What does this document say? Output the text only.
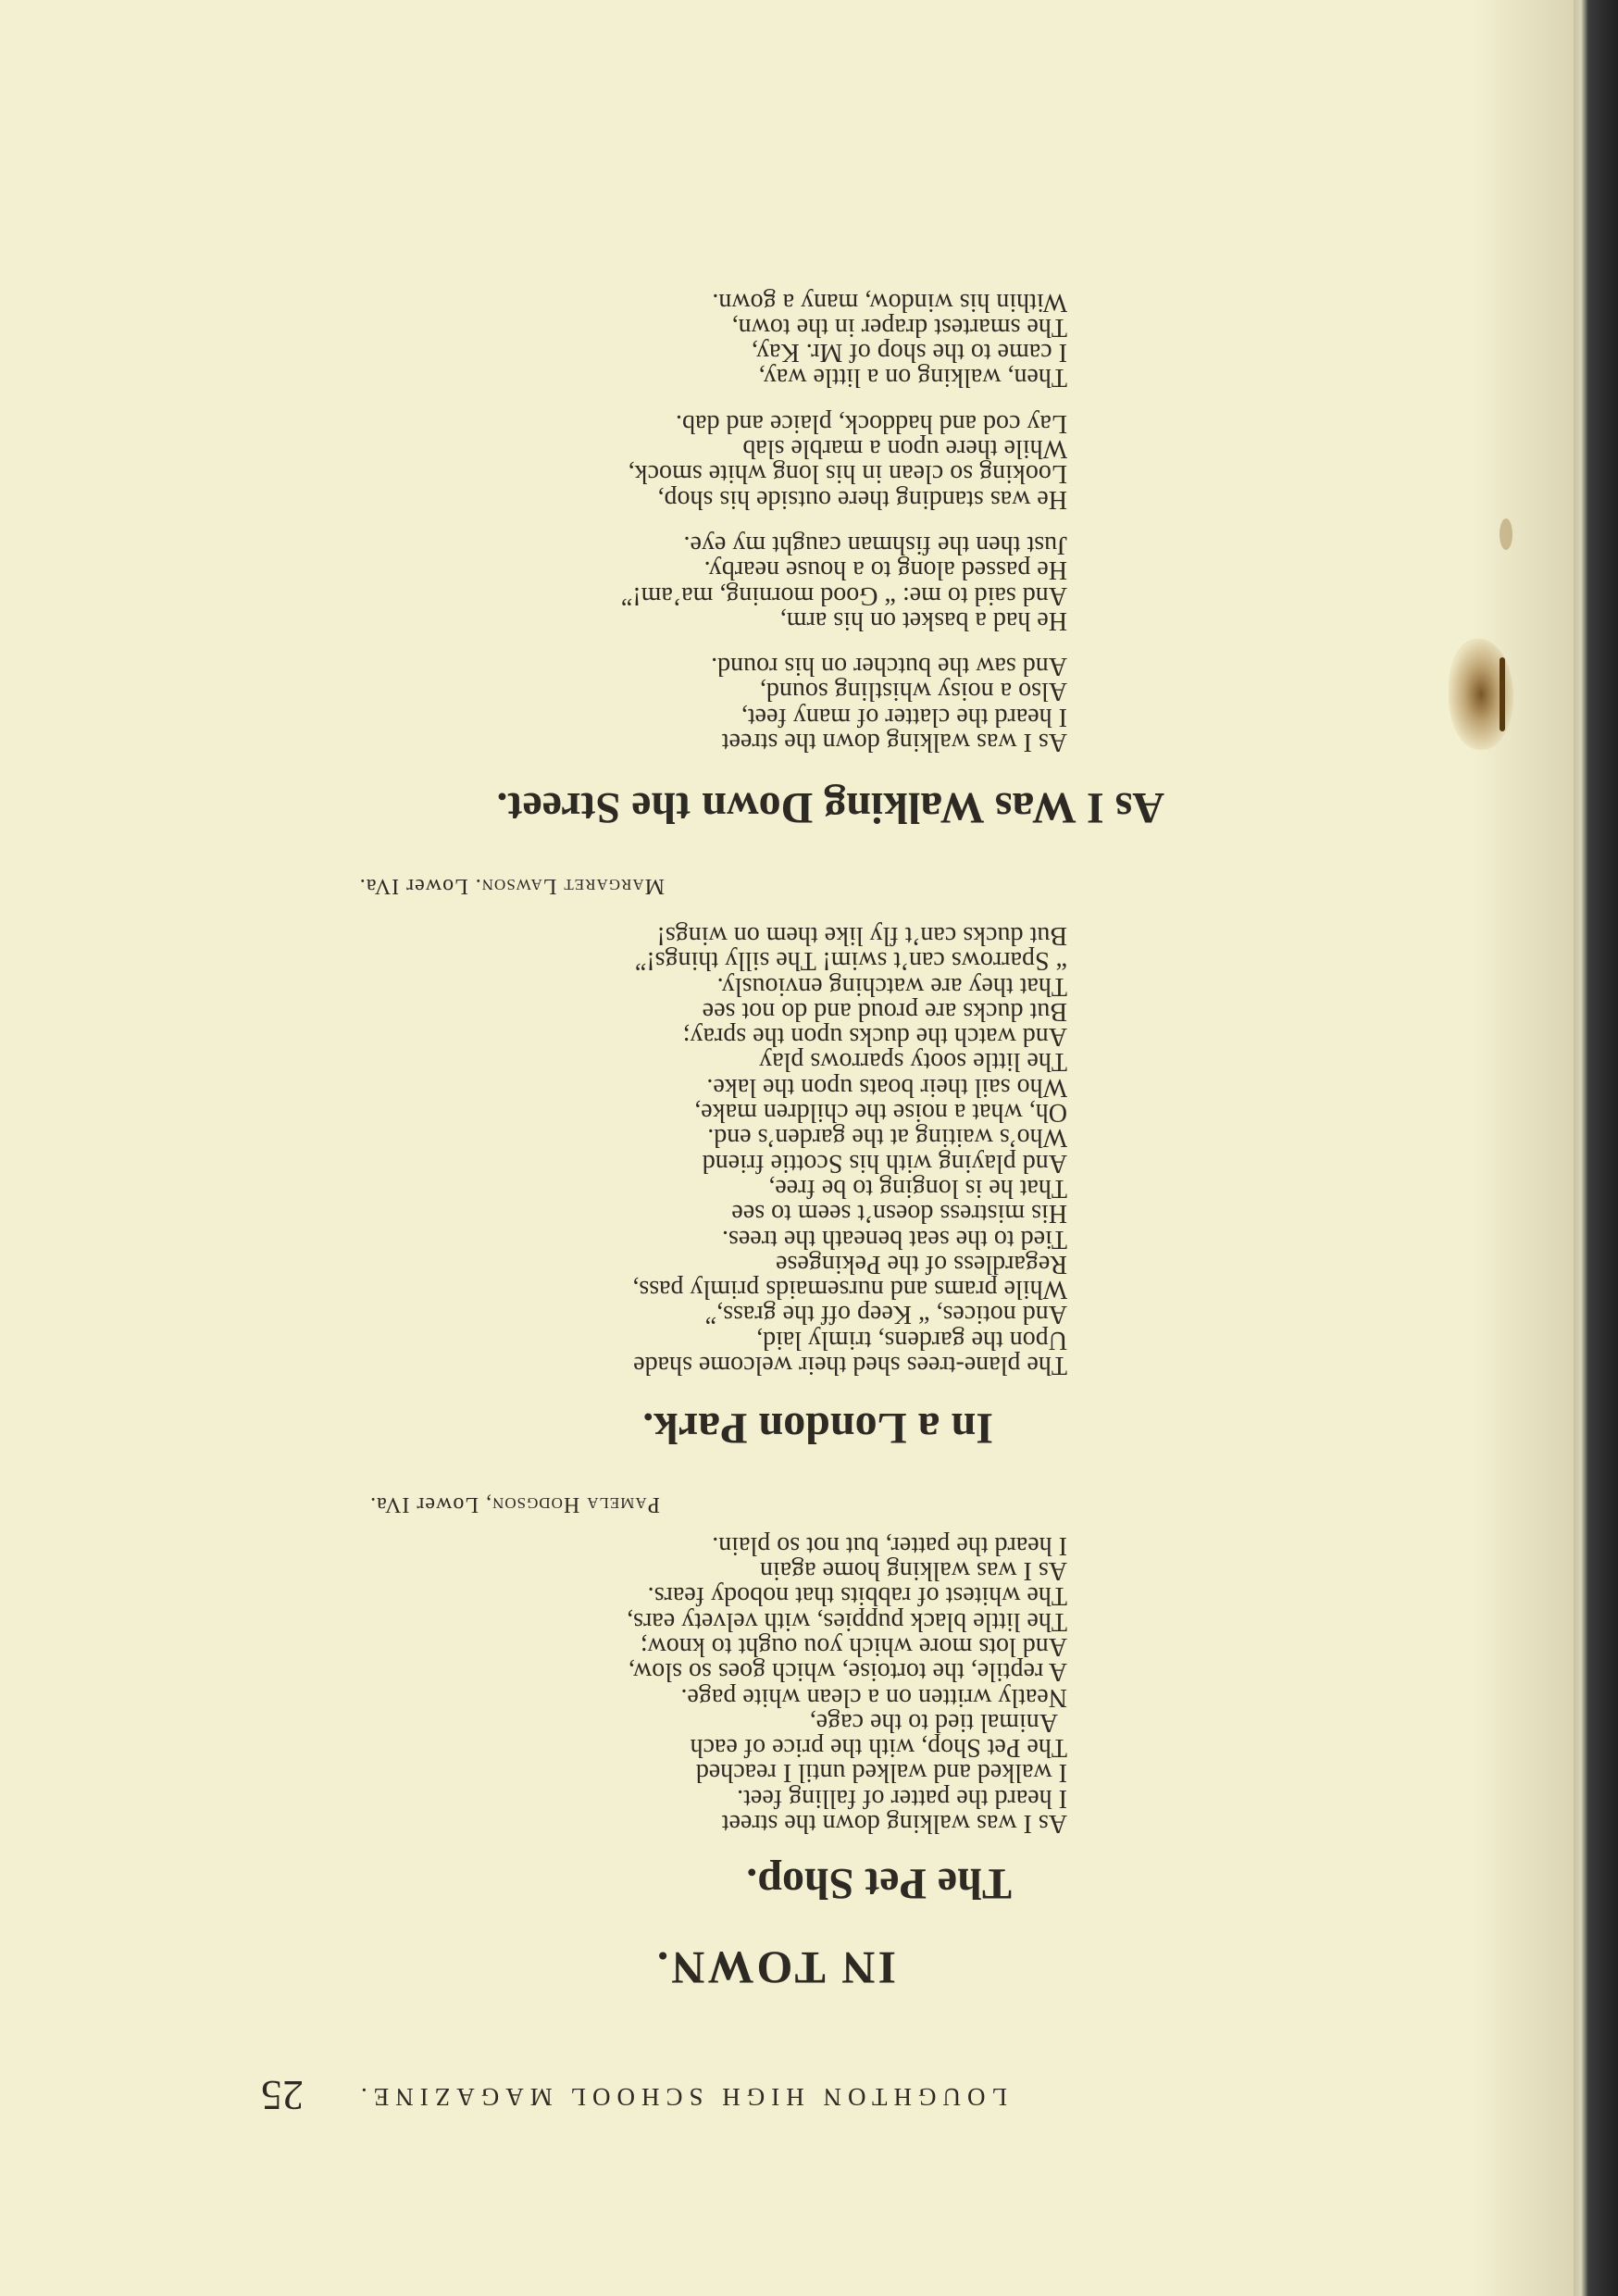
LOUGHTON HIGH SCHOOL MAGAZINE.
25
IN TOWN.
The Pet Shop.
As I was walking down the street
I heard the patter of falling feet.
I walked and walked until I reached
The Pet Shop, with the price of each
Animal tied to the cage,
Neatly written on a clean white page.
A reptile, the tortoise, which goes so slow,
And lots more which you ought to know;
The little black puppies, with velvety ears,
The whitest of rabbits that nobody fears.
As I was walking home again
I heard the patter, but not so plain.
Pamela Hodgson, Lower IVa.
In a London Park.
The plane-trees shed their welcome shade
Upon the gardens, trimly laid,
And notices, “ Keep off the grass,”
While prams and nursemaids primly pass,
Regardless of the Pekingese
Tied to the seat beneath the trees.
His mistress doesn’t seem to see
That he is longing to be free,
And playing with his Scottie friend
Who’s waiting at the garden’s end.
Oh, what a noise the children make,
Who sail their boats upon the lake.
The little sooty sparrows play
And watch the ducks upon the spray;
But ducks are proud and do not see
That they are watching enviously.
“ Sparrows can’t swim! The silly things!”
But ducks can’t fly like them on wings!
Margaret Lawson. Lower IVa.
As I Was Walking Down the Street.
As I was walking down the street
I heard the clatter of many feet,
Also a noisy whistling sound,
And saw the butcher on his round.
He had a basket on his arm,
And said to me: “ Good morning, ma’am!”
He passed along to a house nearby.
Just then the fishman caught my eye.
He was standing there outside his shop,
Looking so clean in his long white smock,
While there upon a marble slab
Lay cod and haddock, plaice and dab.
Then, walking on a little way,
I came to the shop of Mr. Kay,
The smartest draper in the town,
Within his window, many a gown.
